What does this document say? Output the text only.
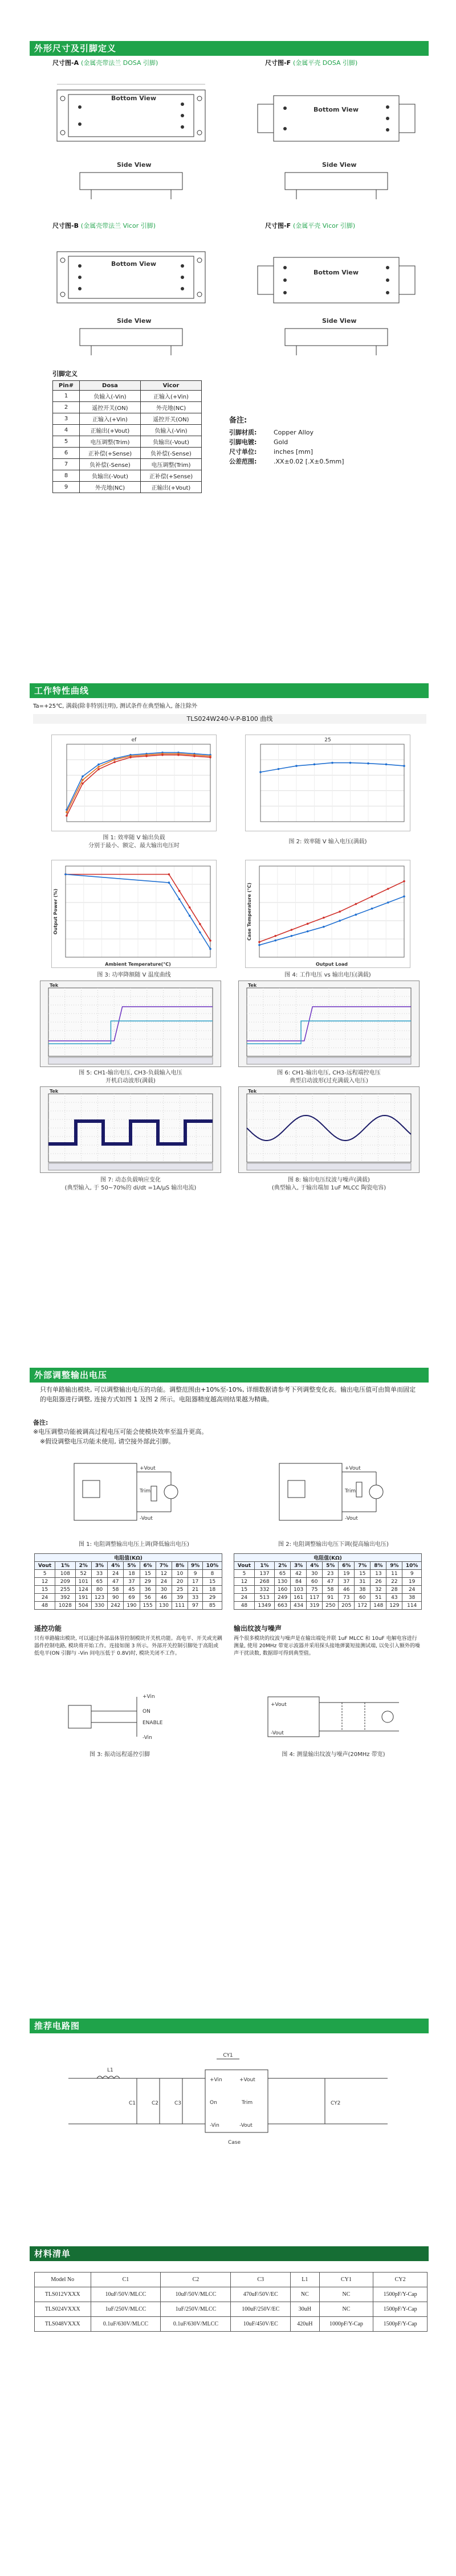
外形尺寸及引脚定义
尺寸图-A (金属壳带法兰 DOSA 引脚)	尺寸图-F (金属平壳 DOSA 引脚)
Bottom View
Side View
Bottom View
Side View
尺寸图-B (金属壳带法兰 Vicor 引脚)	尺寸图-F (金属平壳 Vicor 引脚)
Bottom View
Side View
Bottom View
Side View
引脚定义
Pin#	Dosa	Vicor
1	负输入(-Vin)	正输入(+Vin)
2	遥控开关(ON)	外壳地(NC)
3	正输入(+Vin)	遥控开关(ON)
4	正输出(+Vout)	负输入(-Vin)
5	电压调整(Trim)	负输出(-Vout)
6	正补偿(+Sense)	负补偿(-Sense)
7	负补偿(-Sense)	电压调整(Trim)
8	负输出(-Vout)	正补偿(+Sense)
9	外壳地(NC)	正输出(+Vout)
备注:
引脚材质:	Copper Alloy
引脚电镀:	Gold
尺寸单位:	inches [mm]
公差范围:	.XX±0.02 [.X±0.5mm]
工作特性曲线
Ta=+25℃, 满载(除非特别注明), 测试条件在典型输入, 备注除外
TLS024W240-V-P-B100 曲线
ef
图 1: 效率随 V 输出负载
分别于最小、额定、最大输出电压时
25
图 2: 效率随 V 输入电压(满载)
Ambient Temperature(°C)
Output Power (%)
图 3: 功率降额随 V 温度曲线
Output Load
Case Temperature (°C)
图 4: 工作电压 vs 输出电压(满载)
Tek
图 5: CH1-输出电压, CH3-负载输入电压
开机启动波形(满载)
Tek
图 6: CH1-输出电压, CH3-远程端控电压
典型启动波形(过充满载入电压)
Tek
图 7: 动态负载响应变化
(典型输入, 于 50~70%的 di/dt =1A/μS 输出电流)
Tek
图 8: 输出电压纹波与噪声(满载)
(典型输入, 于输出端加 1uF MLCC 陶瓷电容)
外部调整输出电压
只有单路输出模块, 可以调整输出电压的功能。调整范围由+10%至-10%, 详细数据请参考下列调整变化表。输出电压值可由简单而固定的电阻器进行调整, 连接方式如图 1 及图 2 所示。电阻器精度越高则结果越为精确。
备注:
※电压调整功能被调高过程电压可能会使模块效率至温升更高。
※假设调整电压功能未使用, 请空接外部此引脚。
+Vout
Trim
-Vout
+Vout
Trim
-Vout
图 1: 电阻调整输出电压上调(降低输出电压)	图 2: 电阻调整输出电压下调(提高输出电压)
电阻值(KΩ)										
Vout	1%	2%	3%	4%	5%	6%	7%	8%	9%	10%
5	108	52	33	24	18	15	12	10	9	8
12	209	101	65	47	37	29	24	20	17	15
15	255	124	80	58	45	36	30	25	21	18
24	392	191	123	90	69	56	46	39	33	29
48	1028	504	330	242	190	155	130	111	97	85
电阻值(KΩ)										
Vout	1%	2%	3%	4%	5%	6%	7%	8%	9%	10%
5	137	65	42	30	23	19	15	13	11	9
12	268	130	84	60	47	37	31	26	22	19
15	332	160	103	75	58	46	38	32	28	24
24	513	249	161	117	91	73	60	51	43	38
48	1349	663	434	319	250	205	172	148	129	114
遥控功能
只有单路输出模块, 可以通过外部晶体管控制模块开关机功能。高电平、开关或光耦器件控制电路, 模块将开始工作。连接如图 3 所示。外部开关控制引脚处于高阻或低电平(ON 引脚与 -Vin 间电压低于 0.8V)时, 模块关闭不工作。
输出纹波与噪声
两个很多模块的纹波与噪声是在输出端处并联 1uF MLCC 和 10uF 电解电容进行测量, 使用 20MHz 带宽示波器并采用探头接地弹簧短接测试端, 以免引入额外的噪声干扰读数, 数据即可得到典型值。
+Vin
ON
ENABLE
-Vin
+Vout
-Vout
图 3: 振动远程遥控引脚	图 4: 测量输出纹波与噪声(20MHz 带宽)
推荐电路图
CY1
L1
C1	C2	C3
+Vin
On
-Vin
+Vout
Trim
-Vout
Case
CY2
材料清单
Model No	C1	C2	C3	L1	CY1	CY2
TLS012VXXX	10uF/50V/MLCC	10uF/50V/MLCC	470uF/50V/EC	NC	NC	1500pF/Y-Cap
TLS024VXXX	1uF/250V/MLCC	1uF/250V/MLCC	100uF/250V/EC	30uH	NC	1500pF/Y-Cap
TLS048VXXX	0.1uF/630V/MLCC	0.1uF/630V/MLCC	10uF/450V/EC	420uH	1000pF/Y-Cap	1500pF/Y-Cap
